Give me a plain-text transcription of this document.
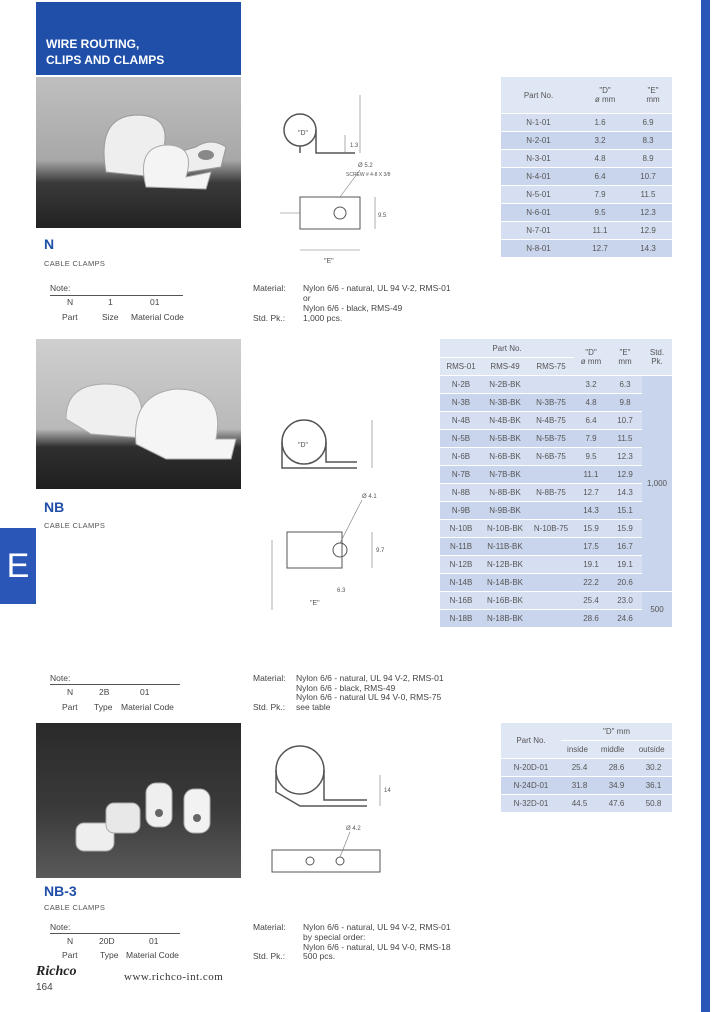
WIRE ROUTING,
CLIPS AND CLAMPS
E
N
CABLE CLAMPS
"D"
"E"
1.3
9.5
Ø 5.2
SCREW # 4-8 X 3/8
Part No.	"D"
ø mm	"E"
mm
N-1-01	1.6	6.9
N-2-01	3.2	8.3
N-3-01	4.8	8.9
N-4-01	6.4	10.7
N-5-01	7.9	11.5
N-6-01	9.5	12.3
N-7-01	11.1	12.9
N-8-01	12.7	14.3
Note:
N	1	01
Part	Size Material Code
Material: Nylon 6/6 - natural, UL 94 V-2, RMS-01
or
Nylon 6/6 - black, RMS-49
Std. Pk.: 1,000 pcs.
NB
CABLE CLAMPS
"D"
"E"
Ø 4.1
9.7
6.3
Part No.			"D"
ø mm	"E"
mm	Std.
Pk.
RMS-01	RMS-49	RMS-75			
N-2B	N-2B-BK		3.2	6.3	1,000
N-3B	N-3B-BK	N-3B-75	4.8	9.8	
N-4B	N-4B-BK	N-4B-75	6.4	10.7	
N-5B	N-5B-BK	N-5B-75	7.9	11.5	
N-6B	N-6B-BK	N-6B-75	9.5	12.3	
N-7B	N-7B-BK		11.1	12.9	
N-8B	N-8B-BK	N-8B-75	12.7	14.3	
N-9B	N-9B-BK		14.3	15.1	
N-10B	N-10B-BK	N-10B-75	15.9	15.9	
N-11B	N-11B-BK		17.5	16.7	
N-12B	N-12B-BK		19.1	19.1	
N-14B	N-14B-BK		22.2	20.6	
N-16B	N-16B-BK		25.4	23.0	500
N-18B	N-18B-BK		28.6	24.6	
Note:
N	2B	01
Part Type Material Code
Material: Nylon 6/6 - natural, UL 94 V-2, RMS-01
Nylon 6/6 - black, RMS-49
Nylon 6/6 - natural UL 94 V-0, RMS-75
Std. Pk.: see table
NB-3
CABLE CLAMPS
Ø 4.2
14
Part No.	"D" mm		
	inside	middle	outside
N-20D-01	25.4	28.6	30.2
N-24D-01	31.8	34.9	36.1
N-32D-01	44.5	47.6	50.8
Note:
N	20D	01
Part	Type Material Code
Material: Nylon 6/6 - natural, UL 94 V-2, RMS-01
by special order:
Nylon 6/6 - natural, UL 94 V-0, RMS-18
Std. Pk.: 500 pcs.
Richco
164
www.richco-int.com
